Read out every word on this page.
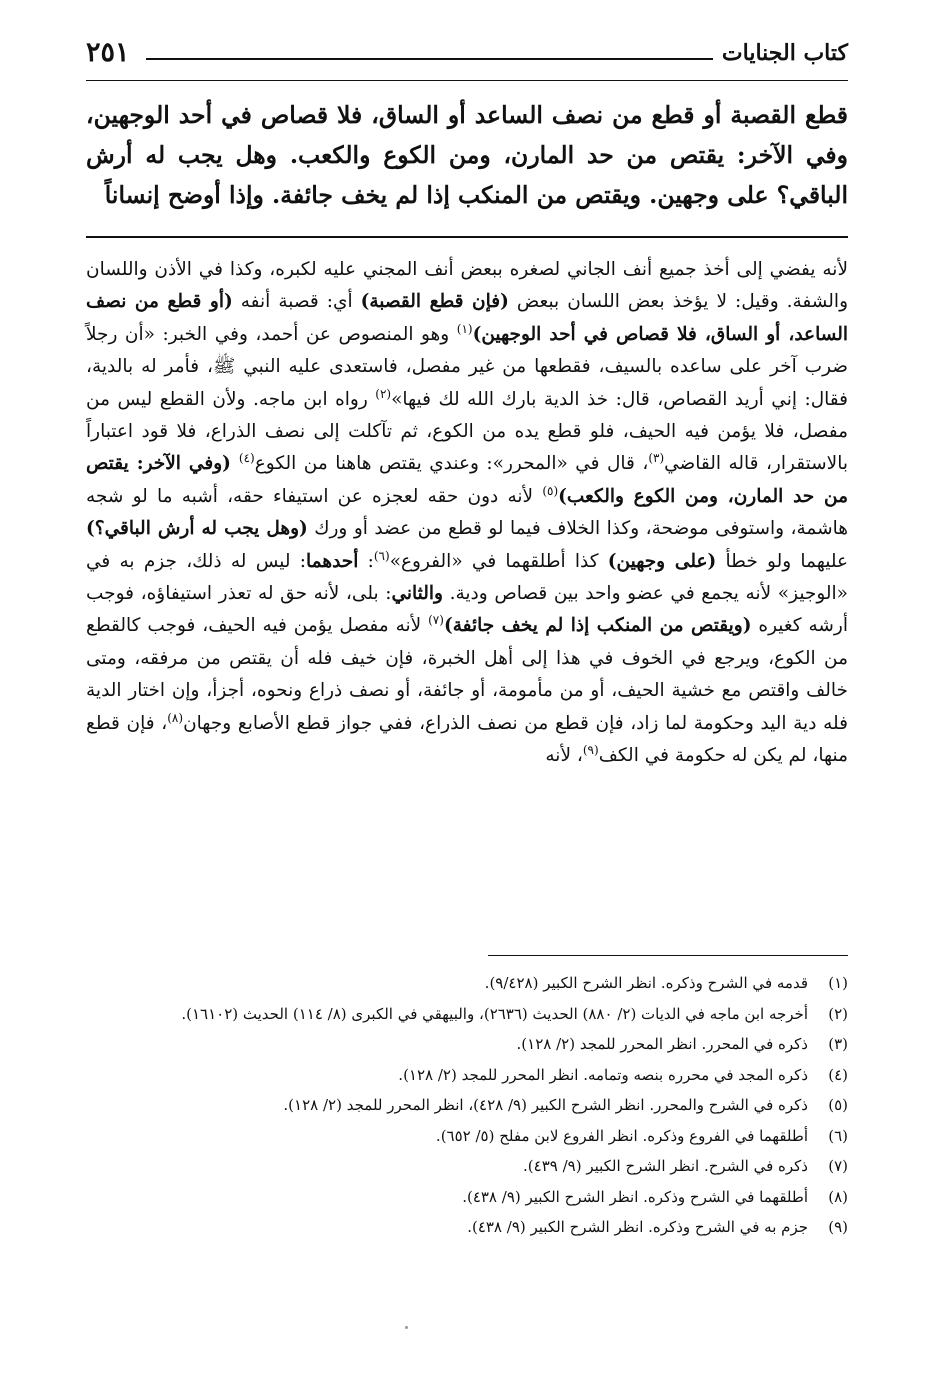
٢٥١	كتاب الجنايات

قطع القصبة أو قطع من نصف الساعد أو الساق، فلا قصاص في أحد الوجهين، وفي الآخر: يقتص من حد المارن، ومن الكوع والكعب. وهل يجب له أرش الباقي؟ على وجهين. ويقتص من المنكب إذا لم يخف جائفة. وإذا أوضح إنساناً

لأنه يفضي إلى أخذ جميع أنف الجاني لصغره ببعض أنف المجني عليه لكبره، وكذا في الأذن واللسان والشفة. وقيل: لا يؤخذ بعض اللسان ببعض (فإن قطع القصبة) أي: قصبة أنفه (أو قطع من نصف الساعد، أو الساق، فلا قصاص في أحد الوجهين)$^{(١)}$ وهو المنصوص عن أحمد، وفي الخبر: «أن رجلاً ضرب آخر على ساعده بالسيف، فقطعها من غير مفصل، فاستعدى عليه النبي ﷺ، فأمر له بالدية، فقال: إني أريد القصاص، قال: خذ الدية بارك الله لك فيها»$^{(٢)}$ رواه ابن ماجه. ولأن القطع ليس من مفصل، فلا يؤمن فيه الحيف، فلو قطع يده من الكوع، ثم تآكلت إلى نصف الذراع، فلا قود اعتباراً بالاستقرار، قاله القاضي$^{(٣)}$، قال في «المحرر»: وعندي يقتص هاهنا من الكوع$^{(٤)}$ (وفي الآخر: يقتص من حد المارن، ومن الكوع والكعب)$^{(٥)}$ لأنه دون حقه لعجزه عن استيفاء حقه، أشبه ما لو شجه هاشمة، واستوفى موضحة، وكذا الخلاف فيما لو قطع من عضد أو ورك (وهل يجب له أرش الباقي؟) عليهما ولو خطأ (على وجهين) كذا أطلقهما في «الفروع»$^{(٦)}$: أحدهما: ليس له ذلك، جزم به في «الوجيز» لأنه يجمع في عضو واحد بين قصاص ودية. والثاني: بلى، لأنه حق له تعذر استيفاؤه، فوجب أرشه كغيره (ويقتص من المنكب إذا لم يخف جائفة)$^{(٧)}$ لأنه مفصل يؤمن فيه الحيف، فوجب كالقطع من الكوع، ويرجع في الخوف في هذا إلى أهل الخبرة، فإن خيف فله أن يقتص من مرفقه، ومتى خالف واقتص مع خشية الحيف، أو من مأمومة، أو جائفة، أو نصف ذراع ونحوه، أجزأ، وإن اختار الدية فله دية اليد وحكومة لما زاد، فإن قطع من نصف الذراع، ففي جواز قطع الأصابع وجهان$^{(٨)}$، فإن قطع منها، لم يكن له حكومة في الكف$^{(٩)}$، لأنه

(١)
قدمه في الشرح وذكره. انظر الشرح الكبير (٩/٤٢٨).
(٢)
أخرجه ابن ماجه في الديات (٢/ ٨٨٠) الحديث (٢٦٣٦)، والبيهقي في الكبرى (٨/ ١١٤) الحديث (١٦١٠٢).
(٣)
ذكره في المحرر. انظر المحرر للمجد (٢/ ١٢٨).
(٤)
ذكره المجد في محرره بنصه وتمامه. انظر المحرر للمجد (٢/ ١٢٨).
(٥)
ذكره في الشرح والمحرر. انظر الشرح الكبير (٩/ ٤٢٨)، انظر المحرر للمجد (٢/ ١٢٨).
(٦)
أطلقهما في الفروع وذكره. انظر الفروع لابن مفلح (٥/ ٦٥٢).
(٧)
ذكره في الشرح. انظر الشرح الكبير (٩/ ٤٣٩).
(٨)
أطلقهما في الشرح وذكره. انظر الشرح الكبير (٩/ ٤٣٨).
(٩)
جزم به في الشرح وذكره. انظر الشرح الكبير (٩/ ٤٣٨).
